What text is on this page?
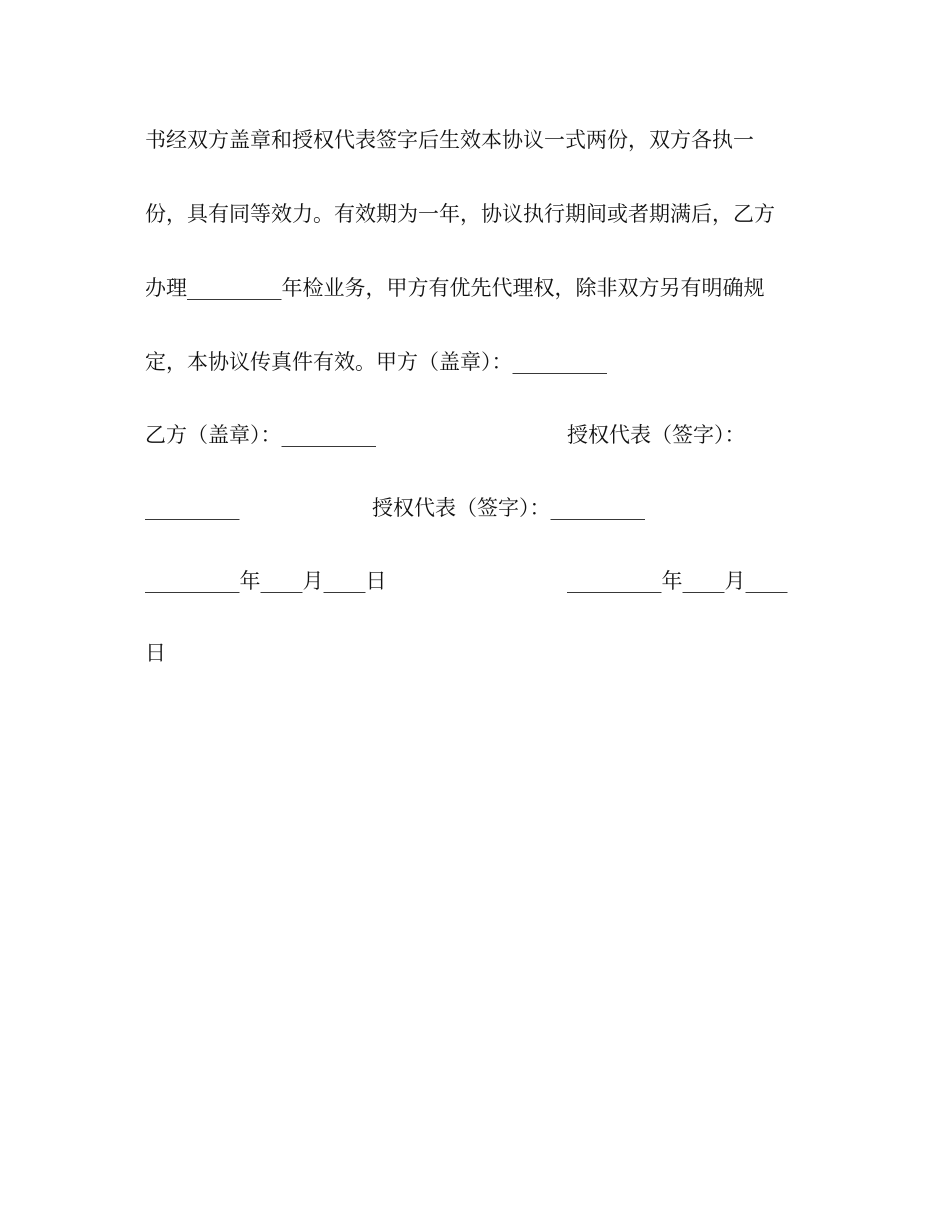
书经双方盖章和授权代表签字后生效本协议一式两份，双方各执一
份，具有同等效力。有效期为一年，协议执行期间或者期满后，乙方
办理_________年检业务，甲方有优先代理权，除非双方另有明确规
定，本协议传真件有效。甲方（盖章）：_________
乙方（盖章）：_________	授权代表（签字）：
_________	授权代表（签字）：_________
_________年____月____日	_________年____月____
日
